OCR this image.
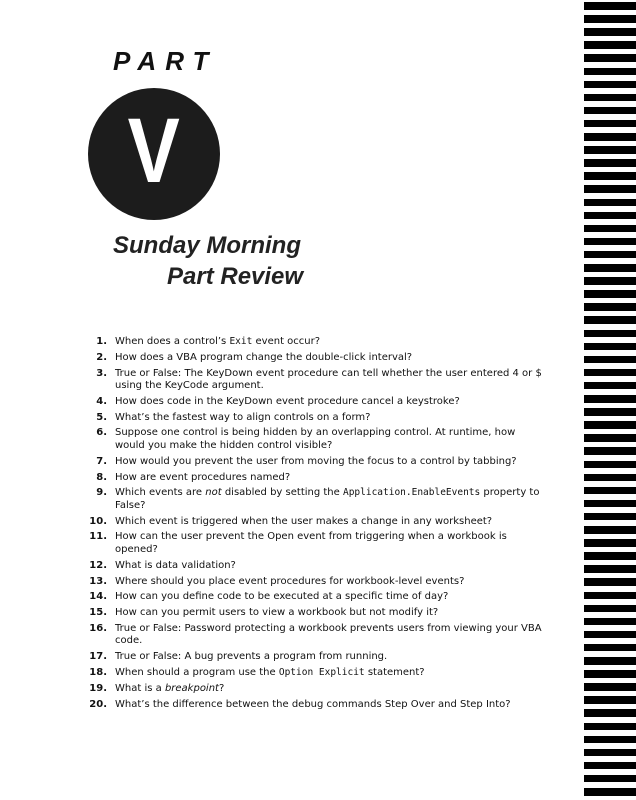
PART
V
Sunday Morning
Part Review
1. When does a control’s Exit event occur?
2. How does a VBA program change the double-click interval?
3. True or False: The KeyDown event procedure can tell whether the user entered 4 or $ using the KeyCode argument.
4. How does code in the KeyDown event procedure cancel a keystroke?
5. What’s the fastest way to align controls on a form?
6. Suppose one control is being hidden by an overlapping control. At runtime, how would you make the hidden control visible?
7. How would you prevent the user from moving the focus to a control by tabbing?
8. How are event procedures named?
9. Which events are not disabled by setting the Application.EnableEvents property to False?
10. Which event is triggered when the user makes a change in any worksheet?
11. How can the user prevent the Open event from triggering when a workbook is opened?
12. What is data validation?
13. Where should you place event procedures for workbook-level events?
14. How can you define code to be executed at a specific time of day?
15. How can you permit users to view a workbook but not modify it?
16. True or False: Password protecting a workbook prevents users from viewing your VBA code.
17. True or False: A bug prevents a program from running.
18. When should a program use the Option Explicit statement?
19. What is a breakpoint?
20. What’s the difference between the debug commands Step Over and Step Into?
